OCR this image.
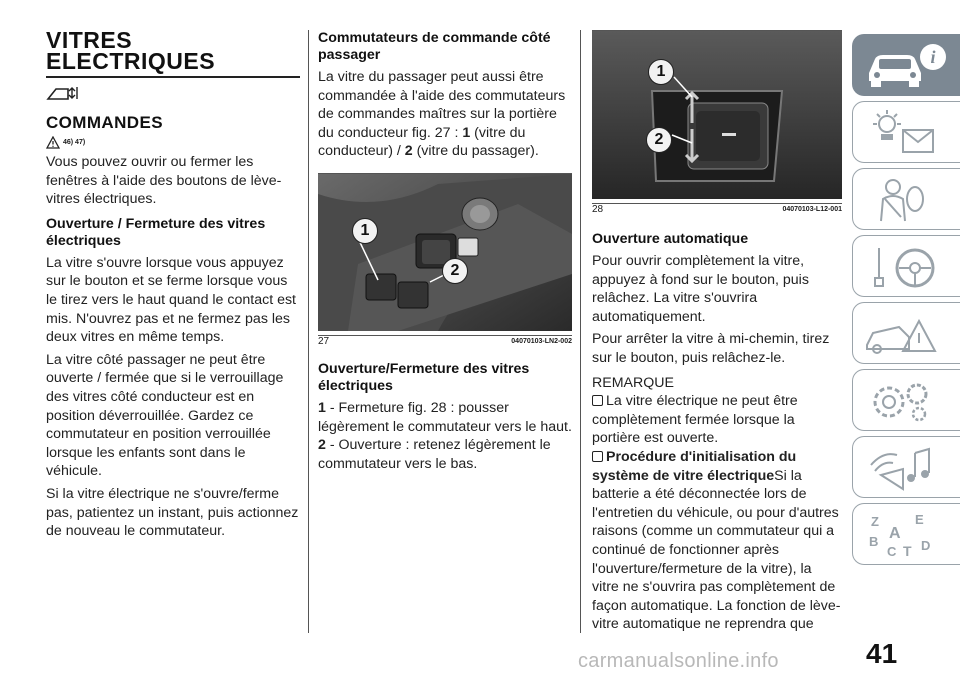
VITRES
ELECTRIQUES
COMMANDES
46) 47)

Vous pouvez ouvrir ou fermer les fenêtres à l'aide des boutons de lève-vitres électriques.

Ouverture / Fermeture des vitres électriques

La vitre s'ouvre lorsque vous appuyez sur le bouton et se ferme lorsque vous le tirez vers le haut quand le contact est mis. N'ouvrez pas et ne fermez pas les deux vitres en même temps.

La vitre côté passager ne peut être ouverte / fermée que si le verrouillage des vitres côté conducteur est en position déverrouillée. Gardez ce commutateur en position verrouillée lorsque les enfants sont dans le véhicule.

Si la vitre électrique ne s'ouvre/ferme pas, patientez un instant, puis actionnez de nouveau le commutateur.

Commutateurs de commande côté passager

La vitre du passager peut aussi être commandée à l'aide des commutateurs de commandes maîtres sur la portière du conducteur fig. 27 : 1 (vitre du conducteur) / 2 (vitre du passager).

1
2
27	04070103-LN2-002
Ouverture/Fermeture des vitres électriques

1 - Fermeture fig. 28 : pousser légèrement le commutateur vers le haut. 2 - Ouverture : retenez légèrement le commutateur vers le bas.

1
2
28	04070103-L12-001
Ouverture automatique

Pour ouvrir complètement la vitre, appuyez à fond sur le bouton, puis relâchez. La vitre s'ouvrira automatiquement.

Pour arrêter la vitre à mi-chemin, tirez sur le bouton, puis relâchez-le.

REMARQUE

La vitre électrique ne peut être complètement fermée lorsque la portière est ouverte.

Procédure d'initialisation du système de vitre électriqueSi la batterie a été déconnectée lors de l'entretien du véhicule, ou pour d'autres raisons (comme un commutateur qui a continué de fonctionner après l'ouverture/fermeture de la vitre), la vitre ne s'ouvrira pas complètement de façon automatique. La fonction de lève-vitre automatique ne reprendra que

i
Z	E
A
B
C T D
41
carmanualsonline.info
